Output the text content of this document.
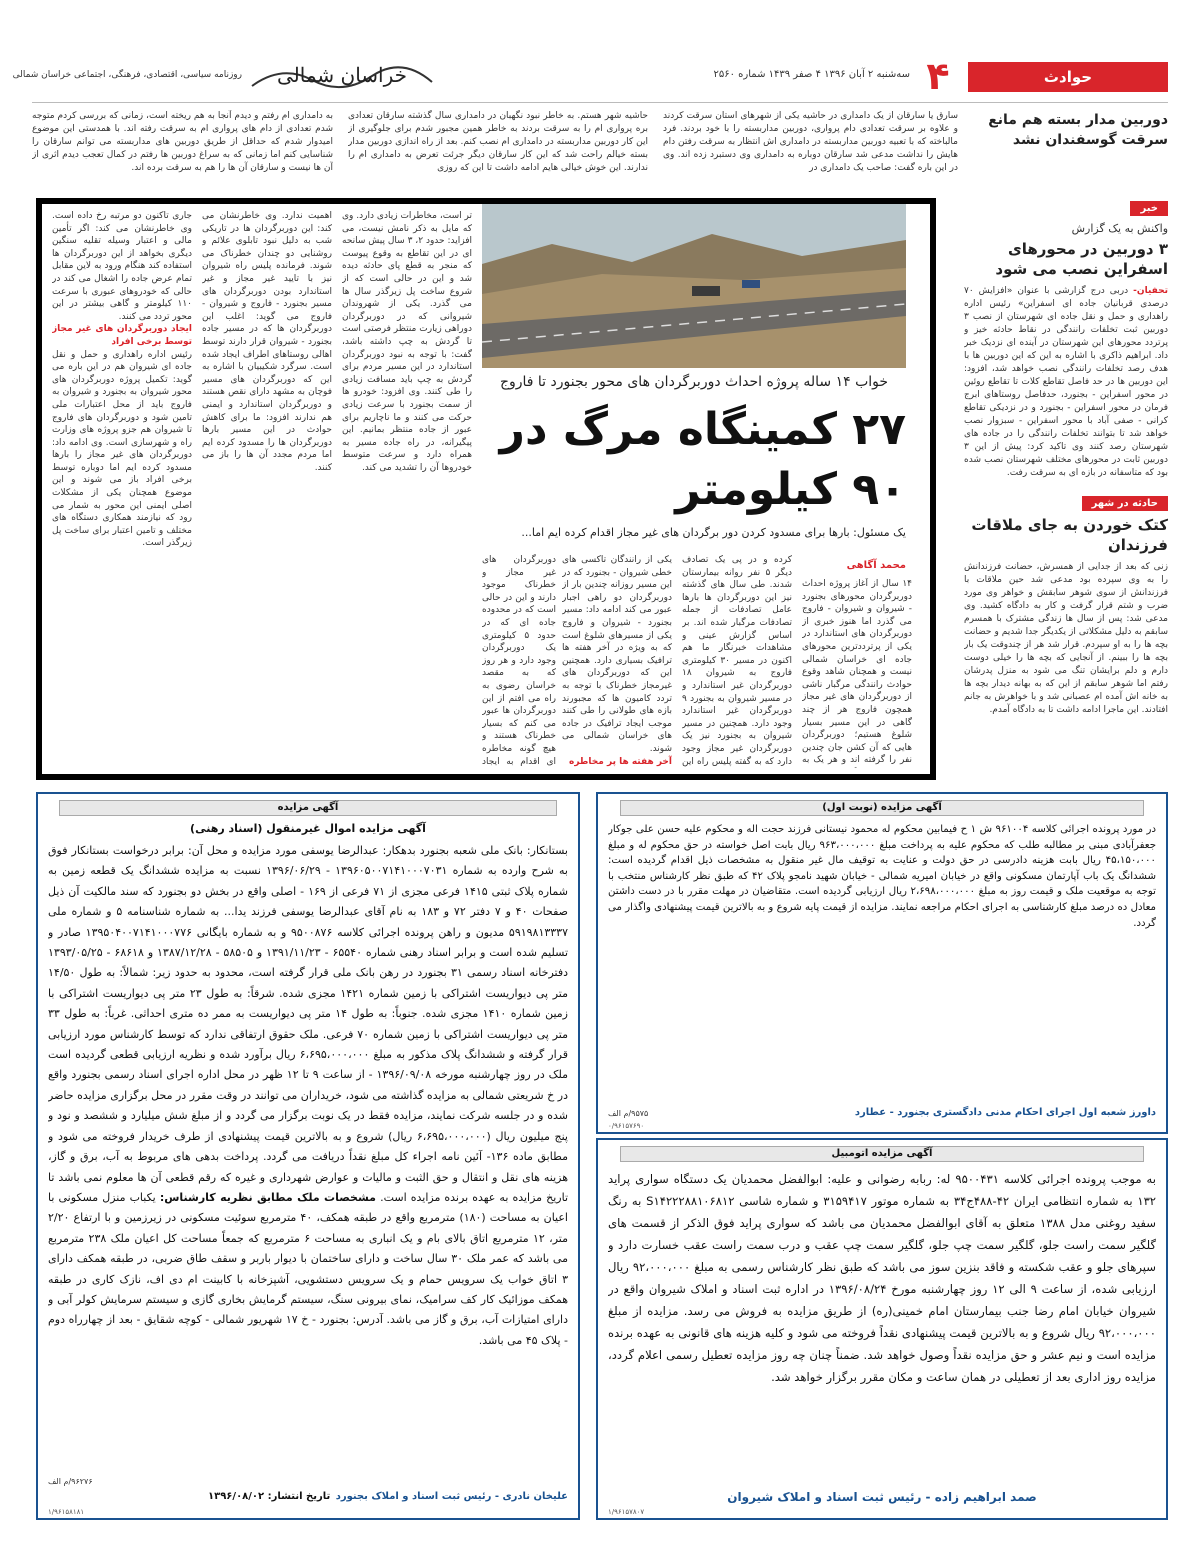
حوادث
۴
سه‌شنبه ۲ آبان ۱۳۹۶ ۴ صفر ۱۴۳۹ شماره ۲۵۶۰
خراسان شمالی
روزنامه سیاسی، اقتصادی، فرهنگی، اجتماعی خراسان شمالی
دوربین مدار بسته هم مانع سرقت گوسفندان نشد
سارق یا سارقان از یک دامداری در حاشیه یکی از شهرهای استان سرقت کردند و علاوه بر سرقت تعدادی دام پرواری، دوربین مداربسته را با خود بردند. فرد مالباخته که با تعبیه دوربین مداربسته در دامداری اش انتظار به سرقت رفتن دام هایش را نداشت مدعی شد سارقان دوباره به دامداری وی دستبرد زده اند. وی در این باره گفت: صاحب یک دامداری در
حاشیه شهر هستم. به خاطر نبود نگهبان در دامداری سال گذشته سارقان تعدادی بره پرواری ام را به سرقت بردند به خاطر همین مجبور شدم برای جلوگیری از این کار دوربین مداربسته در دامداری ام نصب کنم. بعد از راه اندازی دوربین مدار بسته خیالم راحت شد که این کار سارقان دیگر جرئت تعرض به دامداری ام را ندارند. این خوش خیالی هایم ادامه داشت تا این که روزی
به دامداری ام رفتم و دیدم آنجا به هم ریخته است، زمانی که بررسی کردم متوجه شدم تعدادی از دام های پرواری ام به سرقت رفته اند. با همدستی این موضوع امیدوار شدم که حداقل از طریق دوربین های مداربسته می توانم سارقان را شناسایی کنم اما زمانی که به سراغ دوربین ها رفتم در کمال تعجب دیدم اثری از آن ها نیست و سارقان آن ها را هم به سرقت برده اند.
خبر
واکنش به یک گزارش
۳ دوربین در محورهای اسفراین نصب می شود
تحفیان- دربی درج گزارشی با عنوان «افزایش ۷۰ درصدی قربانیان جاده ای اسفراین» رئیس اداره راهداری و حمل و نقل جاده ای شهرستان از نصب ۳ دوربین ثبت تخلفات رانندگی در نقاط حادثه خیز و پرتردد محورهای این شهرستان در آینده ای نزدیک خبر داد. ابراهیم ذاکری با اشاره به این که این دوربین ها با هدف رصد تخلفات رانندگی نصب خواهد شد، افزود: این دوربین ها در حد فاصل تقاطع کلات تا تقاطع روئین در محور اسفراین - بجنورد، حدفاصل روستاهای ابرج فرمان در محور اسفراین - بجنورد و در نزدیکی تقاطع کرانی - صفی آباد با محور اسفراین - سبزوار نصب خواهد شد تا بتوانند تخلفات رانندگی را در جاده های شهرستان رصد کنند وی تاکید کرد: پیش از این ۳ دوربین ثابت در محورهای مختلف شهرستان نصب شده بود که متاسفانه در بازه ای به سرقت رفت.
حادثه در شهر
کتک خوردن به جای ملاقات فرزندان
زنی که بعد از جدایی از همسرش، حضانت فرزندانش را به وی سپرده بود مدعی شد حین ملاقات با فرزندانش از سوی شوهر سابقش و خواهر وی مورد ضرب و شتم قرار گرفت و کار به دادگاه کشید. وی مدعی شد: پس از سال ها زندگی مشترک با همسرم سابقم به دلیل مشکلاتی از یکدیگر جدا شدیم و حضانت بچه ها را به او سپردم. قرار شد هر از چندوقت یک بار بچه ها را ببینم. از آنجایی که بچه ها را خیلی دوست دارم و دلم برایشان تنگ می شود به منزل پدرشان رفتم اما شوهر سابقم از این که به بهانه دیدار بچه ها به خانه اش آمده ام عصبانی شد و با خواهرش به جانم افتادند. این ماجرا ادامه داشت تا به دادگاه آمدم.
خواب ۱۴ ساله پروژه احداث دوربرگردان های محور بجنورد تا فاروج
۲۷ کمینگاه مرگ در ۹۰ کیلومتر
یک مسئول: بارها برای مسدود کردن دور برگردان های غیر مجاز اقدام کرده ایم اما...
محمد آگاهی
۱۴ سال از آغاز پروژه احداث دوربرگردان محورهای بجنورد - شیروان و شیروان - فاروج می گذرد اما هنوز خبری از دوربرگردان های استاندارد در یکی از پرترددترین محورهای جاده ای خراسان شمالی نیست و همچنان شاهد وقوع حوادث رانندگی مرگبار ناشی از دوربرگردان های غیر مجاز همچون فاروج هر از چند گاهی در این مسیر بسیار شلوغ هستیم؛ دوربرگردان هایی که آن کشن جان چندین نفر را گرفته اند و هر یک به
کرده و در پی یک تصادف دیگر ۵ نفر روانه بیمارستان شدند. طی سال های گذشته نیز این دوربرگردان ها بارها عامل تصادفات از جمله تصادفات مرگبار شده اند. بر اساس گزارش عینی و مشاهدات خبرنگار ما هم اکنون در مسیر ۳۰ کیلومتری فاروج به شیروان ۱۸ دوربرگردان غیر استاندارد و در مسیر شیروان به بجنورد ۹ دوربرگردان غیر استاندارد وجود دارد. همچنین در مسیر شیروان به بجنورد نیز یک دوربرگردان غیر مجاز وجود دارد که به گفته پلیس راه این
یکی از رانندگان تاکسی های خطی شیروان - بجنورد که در این مسیر روزانه چندین بار از دوربرگردان دو راهی اجبار عبور می کند ادامه داد: مسیر بجنورد - شیروان و فاروج یکی از مسیرهای شلوغ است که به ویژه در آخر هفته ها ترافیک بسیاری دارد. همچنین این که دوربرگردان های غیرمجاز خطرناک با توجه به تردد کامیون ها که مجبورند بازه های طولانی را طی کنند موجب ایجاد ترافیک در جاده های خراسان شمالی می شوند.
آخر هفته ها پر مخاطره
دوربرگردان های غیر مجاز و خطرناک موجود دارند و این در حالی است که در محدوده جاده ای که در حدود ۵ کیلومتری یک دوربرگردان وجود دارد و هر روز که به مقصد خراسان رضوی به راه می افتم از این دوربرگردان ها عبور می کنم که بسیار خطرناک هستند و هیچ گونه مخاطره ای اقدام به ایجاد
تر است، مخاطرات زیادی دارد. وی که مایل به ذکر نامش نیست، می افزاید: حدود ۲، ۳ سال پیش سانحه ای در این تقاطع به وقوع پیوست که منجر به قطع پای حادثه دیده شد و این در حالی است که از شروع ساخت پل زیرگذر سال ها می گذرد. یکی از شهروندان شیروانی که در دوربرگردان دوراهی زیارت منتظر فرصتی است تا گردش به چپ داشته باشد، گفت: با توجه به نبود دوربرگردان استاندارد در این مسیر مردم برای گردش به چپ باید مسافت زیادی را طی کنند. وی افزود: خودرو ها از سمت بجنورد با سرعت زیادی حرکت می کنند و ما ناچاریم برای عبور از جاده منتظر بمانیم. این پیگیرانه، در راه جاده مسیر به همراه دارد و سرعت متوسط خودروها آن را تشدید می کند.
اهمیت ندارد. وی خاطرنشان می کند: این دوربرگردان ها در تاریکی شب به دلیل نبود تابلوی علائم و روشنایی دو چندان خطرناک می شوند. فرمانده پلیس راه شیروان نیز با تایید غیر مجاز و غیر استاندارد بودن دوربرگردان های مسیر بجنورد - فاروج و شیروان - فاروج می گوید: اغلب این دوربرگردان ها که در مسیر جاده بجنورد - شیروان قرار دارند توسط اهالی روستاهای اطراف ایجاد شده است. سرگرد شکیبیان با اشاره به این که دوربرگردان های مسیر فوچان به مشهد دارای نقص هستند و دوربرگردان استاندارد و ایمنی هم ندارند افزود: ما برای کاهش حوادث در این مسیر بارها دوربرگردان ها را مسدود کرده ایم اما مردم مجدد آن ها را باز می کنند.
جاری تاکنون دو مرتبه رخ داده است. وی خاطرنشان می کند: اگر تأمین مالی و اعتبار وسیله تقلیه سنگین دیگری بخواهد از این دوربرگردان ها استفاده کند هنگام ورود به لاین مقابل تمام عرض جاده را اشغال می کند در حالی که خودروهای عبوری با سرعت ۱۱۰ کیلومتر و گاهی بیشتر در این محور تردد می کنند.
ایجاد دوربرگردان های غیر مجاز توسط برخی افراد
رئیس اداره راهداری و حمل و نقل جاده ای شیروان هم در این باره می گوید: تکمیل پروژه دوربرگردان های محور شیروان به بجنورد و شیروان به فاروج باید از محل اعتبارات ملی تامین شود و دوربرگردان های فاروج تا شیروان هم جزو پروژه های وزارت راه و شهرسازی است. وی ادامه داد: دوربرگردان های غیر مجاز را بارها مسدود کرده ایم اما دوباره توسط برخی افراد باز می شوند و این موضوع همچنان یکی از مشکلات اصلی ایمنی این محور به شمار می رود که نیازمند همکاری دستگاه های مختلف و تامین اعتبار برای ساخت پل زیرگذر است.
آگهی مزایده (نوبت اول)
در مورد پرونده اجرائی کلاسه ۹۶۱۰۰۴ ش ۱ ح فیمابین محکوم له محمود نیستانی فرزند حجت اله و محکوم علیه حسن علی جوکار جعفرآبادی مبنی بر مطالبه طلب که محکوم علیه به پرداخت مبلغ ۹۶۳،۰۰۰،۰۰۰ ریال بابت اصل خواسته در حق محکوم له و مبلغ ۴۵،۱۵۰،۰۰۰ ریال بابت هزینه دادرسی در حق دولت و عنایت به توقیف مال غیر منقول به مشخصات ذیل اقدام گردیده است: ششدانگ یک باب آپارتمان مسکونی واقع در خیابان امیریه شمالی - خیابان شهید نامجو پلاک ۴۲ که طبق نظر کارشناس منتخب با توجه به موقعیت ملک و قیمت روز به مبلغ ۲،۶۹۸،۰۰۰،۰۰۰ ریال ارزیابی گردیده است. متقاضیان در مهلت مقرر با در دست داشتن معادل ده درصد مبلغ کارشناسی به اجرای احکام مراجعه نمایند. مزایده از قیمت پایه شروع و به بالاترین قیمت پیشنهادی واگذار می گردد.
داورز شعبه اول اجرای احکام مدنی دادگستری بجنورد - عطارد
۹۵۷۵/م الف
۰/۹۶۱۵۷۶۹۰
آگهی مزایده اتومبیل
به موجب پرونده اجرائی کلاسه ۹۵۰۰۴۳۱ له: ربابه رضوانی و علیه: ابوالفضل محمدیان یک دستگاه سواری پراید ۱۳۲ به شماره انتظامی ایران ۴۲-۴۸۸ج۳۴ به شماره موتور ۳۱۵۹۴۱۷ و شماره شاسی S۱۴۲۲۲۸۸۱۰۶۸۱۲ به رنگ سفید روغنی مدل ۱۳۸۸ متعلق به آقای ابوالفضل محمدیان می باشد که سواری پراید فوق الذکر از قسمت های گلگیر سمت راست جلو، گلگیر سمت چپ جلو، گلگیر سمت چپ عقب و درب سمت راست عقب خسارت دارد و سپرهای جلو و عقب شکسته و فاقد بنزین سوز می باشد که طبق نظر کارشناس رسمی به مبلغ ۹۲،۰۰۰،۰۰۰ ریال ارزیابی شده، از ساعت ۹ الی ۱۲ روز چهارشنبه مورخ ۱۳۹۶/۰۸/۲۴ در اداره ثبت اسناد و املاک شیروان واقع در شیروان خیابان امام رضا جنب بیمارستان امام خمینی(ره) از طریق مزایده به فروش می رسد. مزایده از مبلغ ۹۲،۰۰۰،۰۰۰ ریال شروع و به بالاترین قیمت پیشنهادی نقداً فروخته می شود و کلیه هزینه های قانونی به عهده برنده مزایده است و نیم عشر و حق مزایده نقداً وصول خواهد شد. ضمناً چنان چه روز مزایده تعطیل رسمی اعلام گردد، مزایده روز اداری بعد از تعطیلی در همان ساعت و مکان مقرر برگزار خواهد شد.
صمد ابراهیم زاده - رئیس ثبت اسناد و املاک شیروان
۱/۹۶۱۵۷۸۰۷
آگهی مزایده
آگهی مزایده اموال غیرمنقول (اسناد رهنی)
بستانکار: بانک ملی شعبه بجنورد بدهکار: عبدالرضا یوسفی مورد مزایده و محل آن: برابر درخواست بستانکار فوق به شرح وارده به شماره ۱۳۹۶۰۵۰۰۷۱۴۱۰۰۰۷۰۳۱ - ۱۳۹۶/۰۶/۲۹ نسبت به مزایده ششدانگ یک قطعه زمین به شماره پلاک ثبتی ۱۴۱۵ فرعی مجزی از ۷۱ فرعی از ۱۶۹ - اصلی واقع در بخش دو بجنورد که سند مالکیت آن ذیل صفحات ۴۰ و ۷ دفتر ۷۲ و ۱۸۳ به نام آقای عبدالرضا یوسفی فرزند یدا... به شماره شناسنامه ۵ و شماره ملی ۵۹۱۹۸۱۳۳۳۷ مدیون و راهن پرونده اجرائی کلاسه ۹۵۰۰۸۷۶ و به شماره بایگانی ۱۳۹۵۰۴۰۰۷۱۴۱۰۰۰۷۷۶ صادر و تسلیم شده است و برابر اسناد رهنی شماره ۶۵۵۴۰ - ۱۳۹۱/۱۱/۲۳ و ۵۸۵۰۵ - ۱۳۸۷/۱۲/۲۸ و ۶۸۶۱۸ - ۱۳۹۳/۰۵/۲۵ دفترخانه اسناد رسمی ۳۱ بجنورد در رهن بانک ملی قرار گرفته است، محدود به حدود زیر: شمالاً: به طول ۱۴/۵۰ متر پی دیواریست اشتراکی با زمین شماره ۱۴۲۱ مجزی شده. شرقاً: به طول ۲۳ متر پی دیواریست اشتراکی با زمین شماره ۱۴۱۰ مجزی شده. جنوباً: به طول ۱۴ متر پی دیواریست به ممر ده متری احداثی. غرباً: به طول ۳۳ متر پی دیواریست اشتراکی با زمین شماره ۷۰ فرعی. ملک حقوق ارتفاقی ندارد که توسط کارشناس مورد ارزیابی قرار گرفته و ششدانگ پلاک مذکور به مبلغ ۶،۶۹۵،۰۰۰،۰۰۰ ریال برآورد شده و نظریه ارزیابی قطعی گردیده است ملک در روز چهارشنبه مورخه ۱۳۹۶/۰۹/۰۸ - از ساعت ۹ تا ۱۲ ظهر در محل اداره اجرای اسناد رسمی بجنورد واقع در خ شریعتی شمالی به مزایده گذاشته می شود، خریداران می توانند در وقت مقرر در محل برگزاری مزایده حاضر شده و در جلسه شرکت نمایند، مزایده فقط در یک نوبت برگزار می گردد و از مبلغ شش میلیارد و ششصد و نود و پنج میلیون ریال (۶،۶۹۵،۰۰۰،۰۰۰ ریال) شروع و به بالاترین قیمت پیشنهادی از طرف خریدار فروخته می شود و مطابق ماده ۱۳۶- آئین نامه اجراء کل مبلغ نقداً دریافت می گردد. پرداخت بدهی های مربوط به آب، برق و گاز، هزینه های نقل و انتقال و حق الثبت و مالیات و عوارض شهرداری و غیره که رقم قطعی آن ها معلوم نمی باشد تا تاریخ مزایده به عهده برنده مزایده است. مشخصات ملک مطابق نظریه کارشناس: یکباب منزل مسکونی با اعیان به مساحت (۱۸۰) مترمربع واقع در طبقه همکف، ۴۰ مترمربع سوئیت مسکونی در زیرزمین و با ارتفاع ۲/۲۰ متر، ۱۲ مترمربع اتاق بالای بام و یک انباری به مساحت ۶ مترمربع که جمعاً مساحت کل اعیان ملک ۲۳۸ مترمربع می باشد که عمر ملک ۳۰ سال ساخت و دارای ساختمان با دیوار باربر و سقف طاق ضربی، در طبقه همکف دارای ۳ اتاق خواب یک سرویس حمام و یک سرویس دستشویی، آشپزخانه با کابینت ام دی اف، نازک کاری در طبقه همکف موزائیک کار کف سرامیک، نمای بیرونی سنگ، سیستم گرمایش بخاری گازی و سیستم سرمایش کولر آبی و دارای امتیازات آب، برق و گاز می باشد. آدرس: بجنورد - خ ۱۷ شهریور شمالی - کوچه شقایق - بعد از چهارراه دوم - پلاک ۴۵ می باشد.
علیخان نادری - رئیس ثبت اسناد و املاک بجنورد
تاریخ انتشار: ۱۳۹۶/۰۸/۰۲
۹۶۲۷۶/م الف
۱/۹۶۱۵۸۱۸۱
